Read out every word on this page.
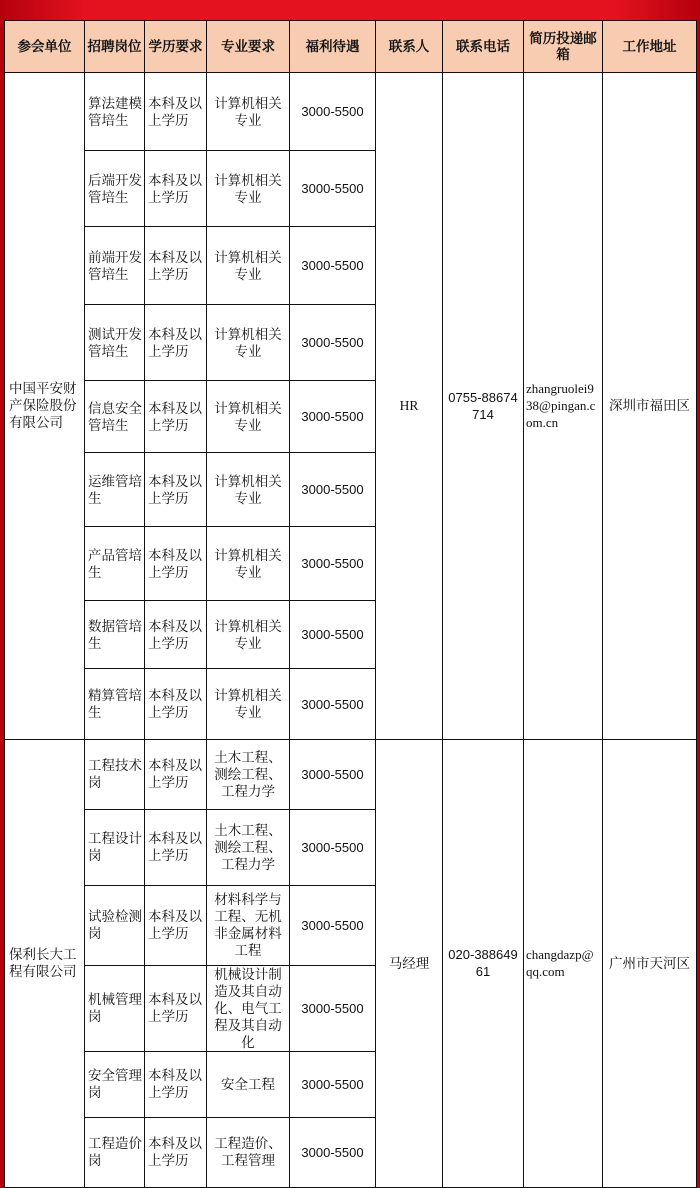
参会单位	招聘岗位	学历要求	专业要求	福利待遇	联系人	联系电话	简历投递邮箱	工作地址
中国平安财产保险股份有限公司	算法建模管培生	本科及以上学历	计算机相关专业	3000-5500	HR	0755-88674714	zhangruolei938@pingan.com.cn	深圳市福田区
	后端开发管培生	本科及以上学历	计算机相关专业	3000-5500				
	前端开发管培生	本科及以上学历	计算机相关专业	3000-5500				
	测试开发管培生	本科及以上学历	计算机相关专业	3000-5500				
	信息安全管培生	本科及以上学历	计算机相关专业	3000-5500				
	运维管培生	本科及以上学历	计算机相关专业	3000-5500				
	产品管培生	本科及以上学历	计算机相关专业	3000-5500				
	数据管培生	本科及以上学历	计算机相关专业	3000-5500				
	精算管培生	本科及以上学历	计算机相关专业	3000-5500				
保利长大工程有限公司	工程技术岗	本科及以上学历	土木工程、测绘工程、工程力学	3000-5500	马经理	020-38864961	changdazp@qq.com	广州市天河区
	工程设计岗	本科及以上学历	土木工程、测绘工程、工程力学	3000-5500				
	试验检测岗	本科及以上学历	材料科学与工程、无机非金属材料工程	3000-5500				
	机械管理岗	本科及以上学历	机械设计制造及其自动化、电气工程及其自动化	3000-5500				
	安全管理岗	本科及以上学历	安全工程	3000-5500				
	工程造价岗	本科及以上学历	工程造价、工程管理	3000-5500				
